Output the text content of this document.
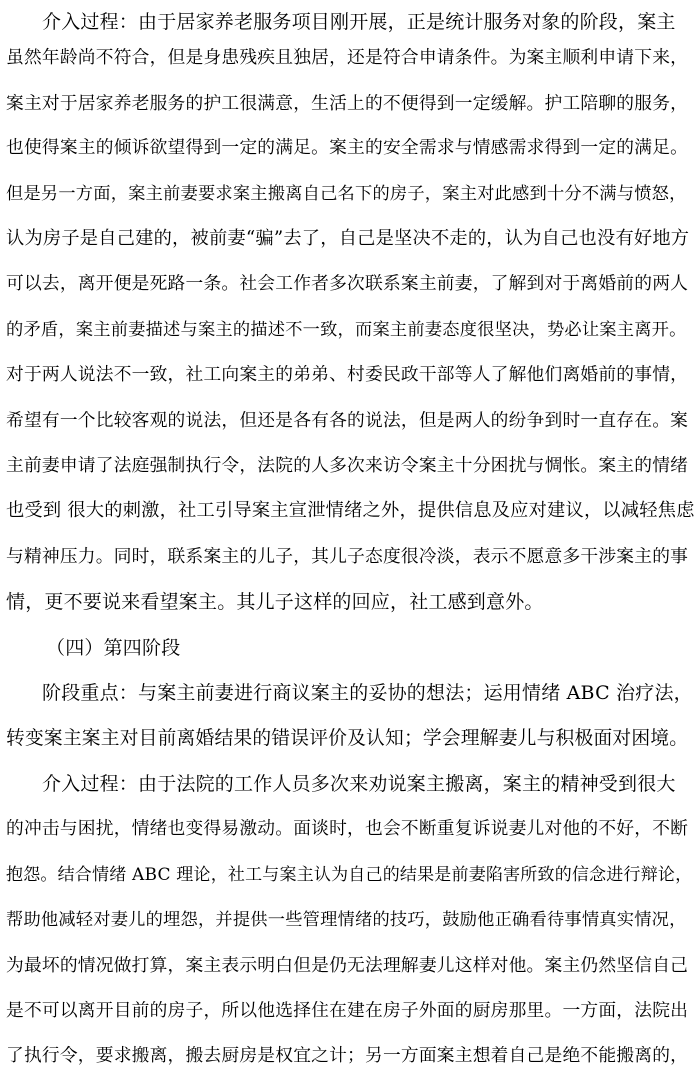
介入过程：由于居家养老服务项目刚开展，正是统计服务对象的阶段，案主
虽然年龄尚不符合，但是身患残疾且独居，还是符合申请条件。为案主顺利申请下来，
案主对于居家养老服务的护工很满意，生活上的不便得到一定缓解。护工陪聊的服务，
也使得案主的倾诉欲望得到一定的满足。案主的安全需求与情感需求得到一定的满足。
但是另一方面，案主前妻要求案主搬离自己名下的房子，案主对此感到十分不满与愤怒，
认为房子是自己建的，被前妻“骗”去了，自己是坚决不走的，认为自己也没有好地方
可以去，离开便是死路一条。社会工作者多次联系案主前妻，了解到对于离婚前的两人
的矛盾，案主前妻描述与案主的描述不一致，而案主前妻态度很坚决，势必让案主离开。
对于两人说法不一致，社工向案主的弟弟、村委民政干部等人了解他们离婚前的事情，
希望有一个比较客观的说法，但还是各有各的说法，但是两人的纷争到时一直存在。案
主前妻申请了法庭强制执行令，法院的人多次来访令案主十分困扰与惆怅。案主的情绪
也受到 很大的刺激，社工引导案主宣泄情绪之外，提供信息及应对建议，以减轻焦虑
与精神压力。同时，联系案主的儿子，其儿子态度很冷淡，表示不愿意多干涉案主的事
情，更不要说来看望案主。其儿子这样的回应，社工感到意外。
（四）第四阶段
阶段重点：与案主前妻进行商议案主的妥协的想法；运用情绪 ABC 治疗法，
转变案主案主对目前离婚结果的错误评价及认知；学会理解妻儿与积极面对困境。
介入过程：由于法院的工作人员多次来劝说案主搬离，案主的精神受到很大
的冲击与困扰，情绪也变得易激动。面谈时，也会不断重复诉说妻儿对他的不好，不断
抱怨。结合情绪 ABC 理论，社工与案主认为自己的结果是前妻陷害所致的信念进行辩论，
帮助他减轻对妻儿的埋怨，并提供一些管理情绪的技巧，鼓励他正确看待事情真实情况，
为最坏的情况做打算，案主表示明白但是仍无法理解妻儿这样对他。案主仍然坚信自己
是不可以离开目前的房子，所以他选择住在建在房子外面的厨房那里。一方面，法院出
了执行令，要求搬离，搬去厨房是权宜之计；另一方面案主想着自己是绝不能搬离的，
